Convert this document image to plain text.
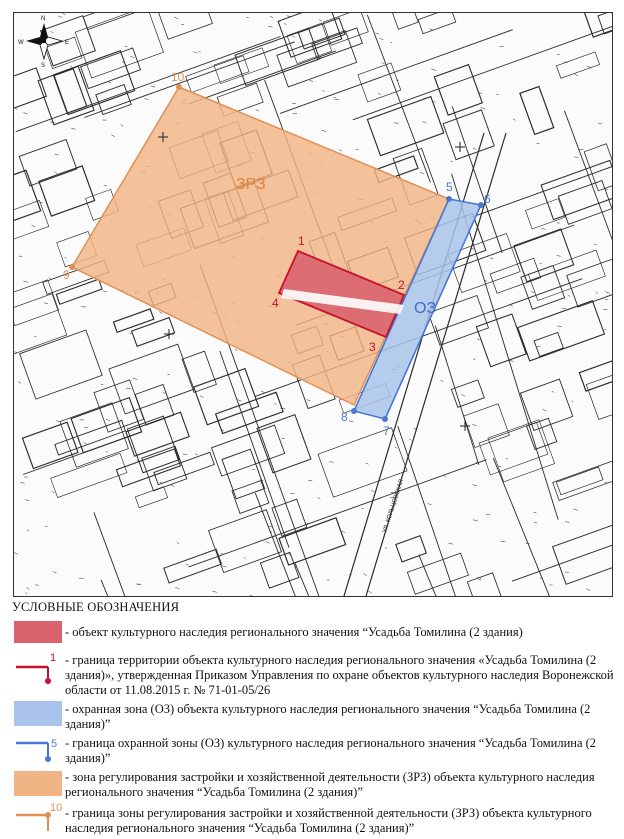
10
9
5
6
7
8
1
2
3
4
ЗРЗ
ОЗ
УЛ. КОЛЬЦОВСКАЯ
N
S
E
W
УСЛОВНЫЕ ОБОЗНАЧЕНИЯ
- объект культурного наследия регионального значения “Усадьба Томилина (2 здания)
1 - граница территории объекта культурного наследия регионального значения «Усадьба Томилина (2 здания)», утвержденная Приказом Управления по охране объектов культурного наследия Воронежской области от 11.08.2015 г. № 71-01-05/26
- охранная зона (ОЗ) объекта культурного наследия регионального значения “Усадьба Томилина (2 здания)”
5 - граница охранной зоны (ОЗ) культурного наследия регионального значения “Усадьба Томилина (2 здания)”
- зона регулирования застройки и хозяйственной деятельности (ЗРЗ) объекта культурного наследия регионального значения “Усадьба Томилина (2 здания)”
10 - граница зоны регулирования застройки и хозяйственной деятельности (ЗРЗ) объекта культурного наследия регионального значения “Усадьба Томилина (2 здания)”
